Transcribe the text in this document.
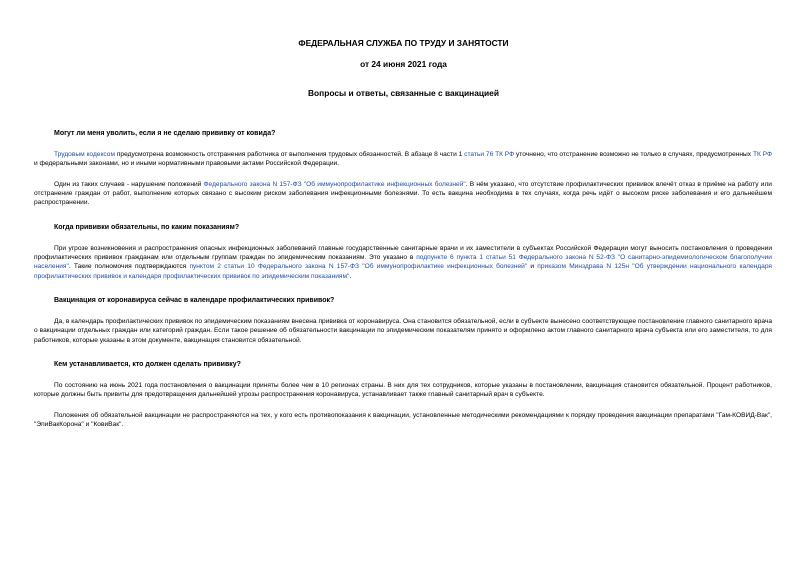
ФЕДЕРАЛЬНАЯ СЛУЖБА ПО ТРУДУ И ЗАНЯТОСТИ
от 24 июня 2021 года
Вопросы и ответы, связанные с вакцинацией
Могут ли меня уволить, если я не сделаю прививку от ковида?
Трудовым кодексом предусмотрена возможность отстранения работника от выполнения трудовых обязанностей. В абзаце 8 части 1 статьи 76 ТК РФ уточнено, что отстранение возможно не только в случаях, предусмотренных ТК РФ и федеральными законами, но и иными нормативными правовыми актами Российской Федерации.
Один из таких случаев - нарушение положений Федерального закона N 157-ФЗ "Об иммунопрофилактике инфекционных болезней". В нём указано, что отсутствие профилактических прививок влечёт отказ в приёме на работу или отстранение граждан от работ, выполнение которых связано с высоким риском заболевания инфекционными болезнями. То есть вакцина необходима в тех случаях, когда речь идёт о высоком риске заболевания и его дальнейшем распространении.
Когда прививки обязательны, по каким показаниям?
При угрозе возникновения и распространения опасных инфекционных заболеваний главные государственные санитарные врачи и их заместители в субъектах Российской Федерации могут выносить постановления о проведении профилактических прививок гражданам или отдельным группам граждан по эпидемическим показаниям. Это указано в подпункте 6 пункта 1 статьи 51 Федерального закона N 52-ФЗ "О санитарно-эпидемиологическом благополучии населения". Такие полномочия подтверждаются пунктом 2 статьи 10 Федерального закона N 157-ФЗ "Об иммунопрофилактике инфекционных болезней" и приказом Минздрава N 125н "Об утверждении национального календаря профилактических прививок и календаря профилактических прививок по эпидемическим показаниям".
Вакцинация от коронавируса сейчас в календаре профилактических прививок?
Да, в календарь профилактических прививок по эпидемическим показаниям внесена прививка от коронавируса. Она становится обязательной, если в субъекте вынесено соответствующее постановление главного санитарного врача о вакцинации отдельных граждан или категорий граждан. Если такое решение об обязательности вакцинации по эпидемическим показателям принято и оформлено актом главного санитарного врача субъекта или его заместителя, то для работников, которые указаны в этом документе, вакцинация становится обязательной.
Кем устанавливается, кто должен сделать прививку?
По состоянию на июнь 2021 года постановления о вакцинации приняты более чем в 10 регионах страны. В них для тех сотрудников, которые указаны в постановлении, вакцинация становится обязательной. Процент работников, которые должны быть привиты для предотвращения дальнейшей угрозы распространения коронавируса, устанавливает также главный санитарный врач в субъекте.
Положения об обязательной вакцинации не распространяются на тех, у кого есть противопоказания к вакцинации, установленные методическими рекомендациями к порядку проведения вакцинации препаратами "Гам-КОВИД-Вак", "ЭпиВакКорона" и "КовиВак".
